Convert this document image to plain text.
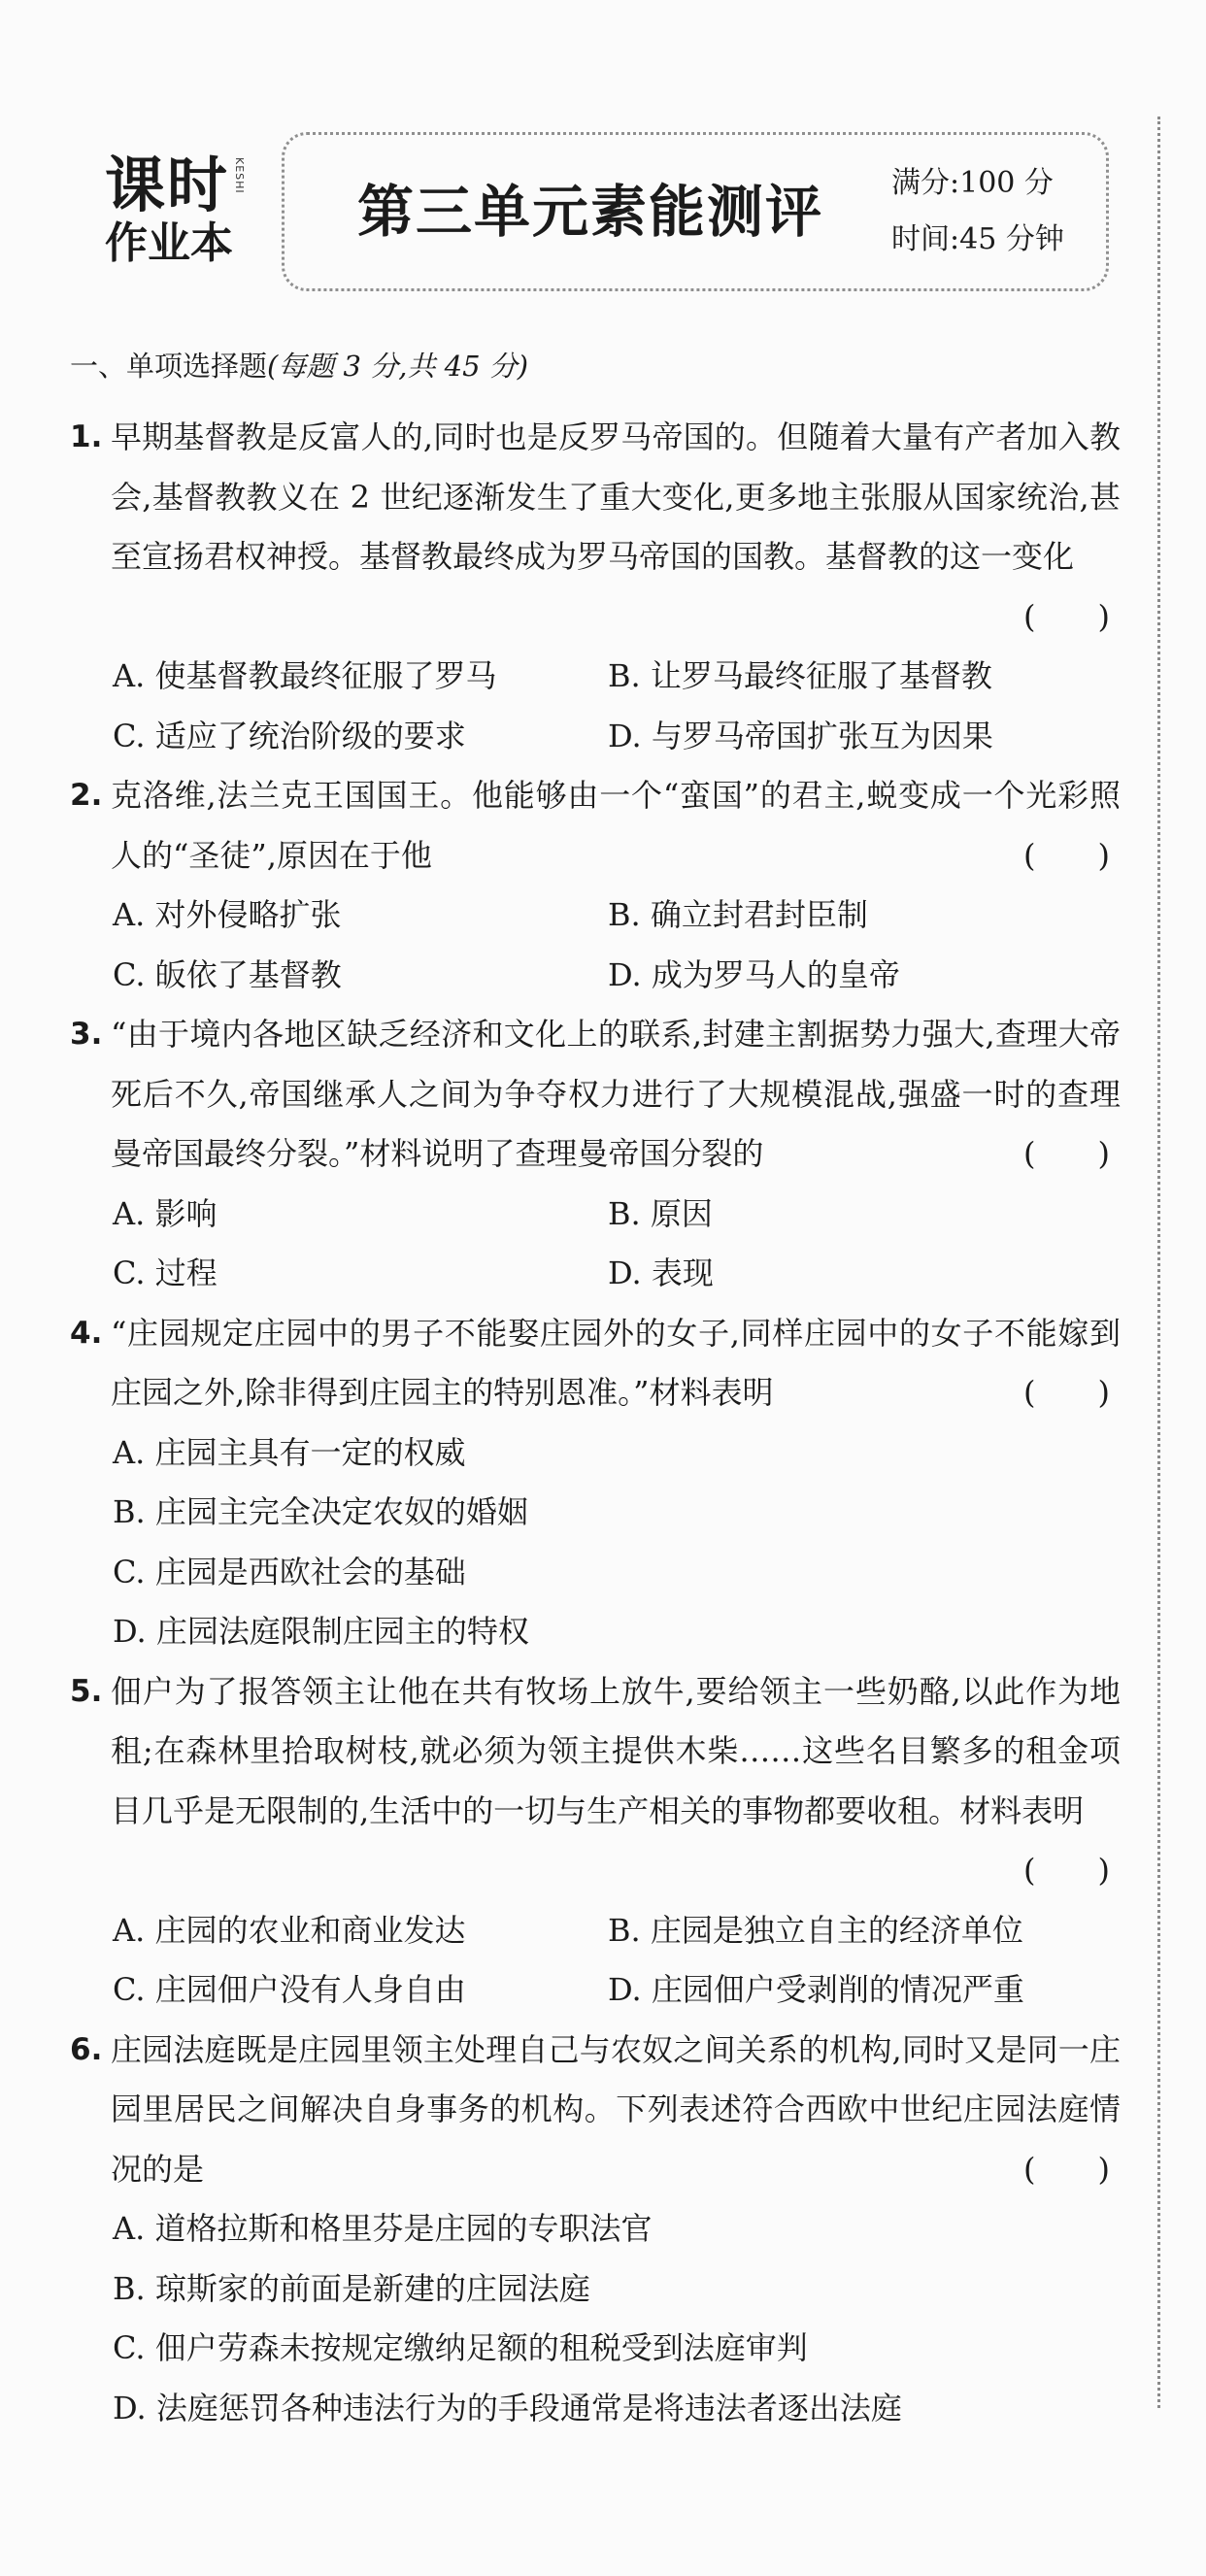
课时 KESHI
作业本	第三单元素能测评 满分:100 分
时间:45 分钟
一、单项选择题(每题 3 分,共 45 分)
1. 早期基督教是反富人的,同时也是反罗马帝国的。但随着大量有产者加入教会,基督教教义在 2 世纪逐渐发生了重大变化,更多地主张服从国家统治,甚至宣扬君权神授。基督教最终成为罗马帝国的国教。基督教的这一变化
(　　)
A. 使基督教最终征服了罗马	B. 让罗马最终征服了基督教
C. 适应了统治阶级的要求	D. 与罗马帝国扩张互为因果
2. 克洛维,法兰克王国国王。他能够由一个“蛮国”的君主,蜕变成一个光彩照人的“圣徒”,原因在于他	(　　)
A. 对外侵略扩张	B. 确立封君封臣制
C. 皈依了基督教	D. 成为罗马人的皇帝
3. “由于境内各地区缺乏经济和文化上的联系,封建主割据势力强大,查理大帝死后不久,帝国继承人之间为争夺权力进行了大规模混战,强盛一时的查理曼帝国最终分裂。”材料说明了查理曼帝国分裂的	(　　)
A. 影响	B. 原因
C. 过程	D. 表现
4. “庄园规定庄园中的男子不能娶庄园外的女子,同样庄园中的女子不能嫁到庄园之外,除非得到庄园主的特别恩准。”材料表明	(　　)
A. 庄园主具有一定的权威
B. 庄园主完全决定农奴的婚姻
C. 庄园是西欧社会的基础
D. 庄园法庭限制庄园主的特权
5. 佃户为了报答领主让他在共有牧场上放牛,要给领主一些奶酪,以此作为地租;在森林里拾取树枝,就必须为领主提供木柴……这些名目繁多的租金项目几乎是无限制的,生活中的一切与生产相关的事物都要收租。材料表明
(　　)
A. 庄园的农业和商业发达	B. 庄园是独立自主的经济单位
C. 庄园佃户没有人身自由	D. 庄园佃户受剥削的情况严重
6. 庄园法庭既是庄园里领主处理自己与农奴之间关系的机构,同时又是同一庄园里居民之间解决自身事务的机构。下列表述符合西欧中世纪庄园法庭情况的是	(　　)
A. 道格拉斯和格里芬是庄园的专职法官
B. 琼斯家的前面是新建的庄园法庭
C. 佃户劳森未按规定缴纳足额的租税受到法庭审判
D. 法庭惩罚各种违法行为的手段通常是将违法者逐出法庭
